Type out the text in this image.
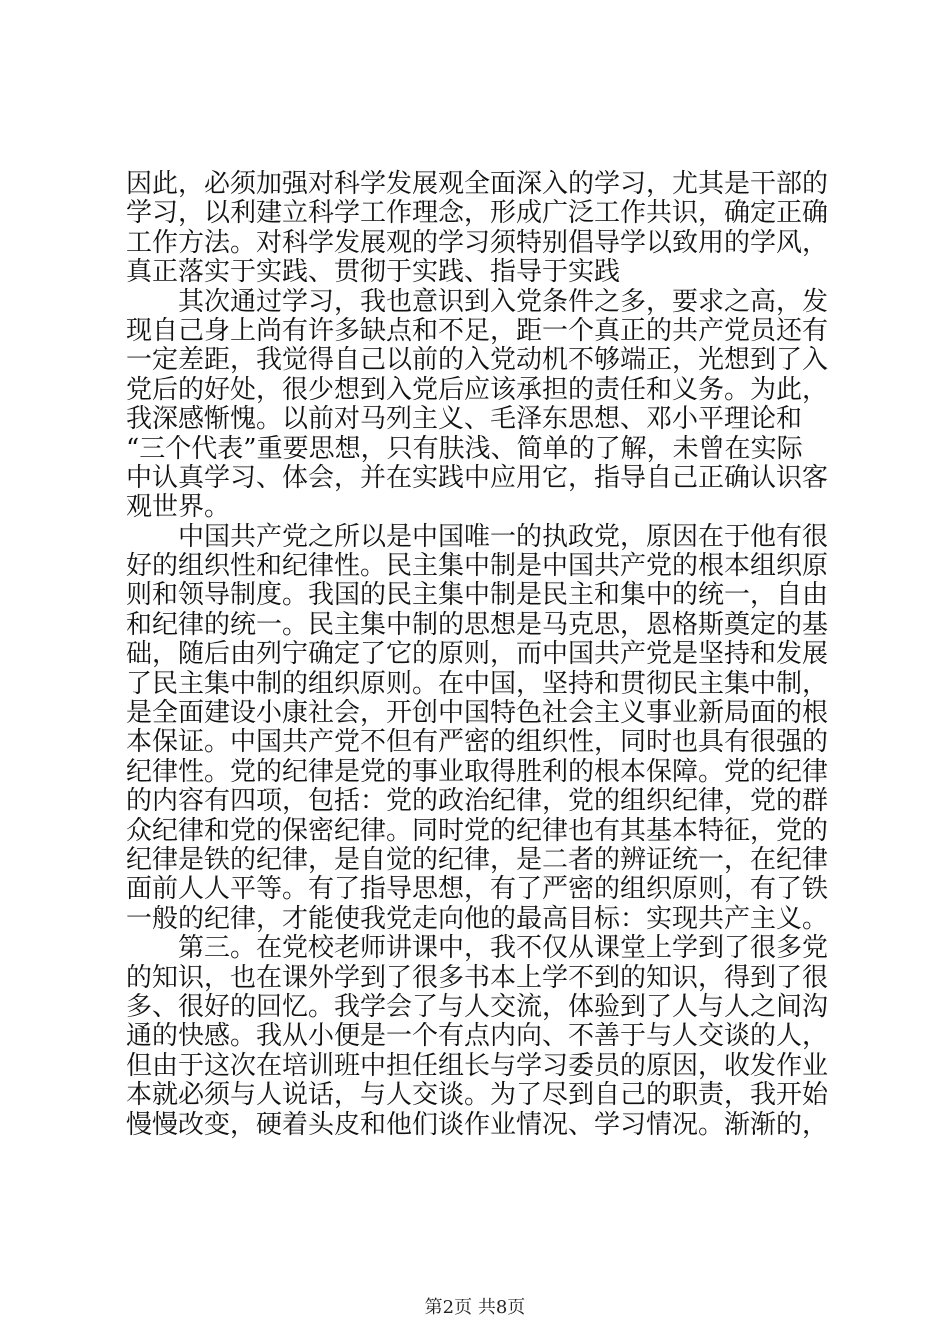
因此，必须加强对科学发展观全面深入的学习，尤其是干部的
学习，以利建立科学工作理念，形成广泛工作共识，确定正确
工作方法。对科学发展观的学习须特别倡导学以致用的学风，
真正落实于实践、贯彻于实践、指导于实践
　　其次通过学习，我也意识到入党条件之多，要求之高，发
现自己身上尚有许多缺点和不足，距一个真正的共产党员还有
一定差距，我觉得自己以前的入党动机不够端正，光想到了入
党后的好处，很少想到入党后应该承担的责任和义务。为此，
我深感惭愧。以前对马列主义、毛泽东思想、邓小平理论和
“三个代表”重要思想，只有肤浅、简单的了解，未曾在实际
中认真学习、体会，并在实践中应用它，指导自己正确认识客
观世界。
　　中国共产党之所以是中国唯一的执政党，原因在于他有很
好的组织性和纪律性。民主集中制是中国共产党的根本组织原
则和领导制度。我国的民主集中制是民主和集中的统一，自由
和纪律的统一。民主集中制的思想是马克思，恩格斯奠定的基
础，随后由列宁确定了它的原则，而中国共产党是坚持和发展
了民主集中制的组织原则。在中国，坚持和贯彻民主集中制，
是全面建设小康社会，开创中国特色社会主义事业新局面的根
本保证。中国共产党不但有严密的组织性，同时也具有很强的
纪律性。党的纪律是党的事业取得胜利的根本保障。党的纪律
的内容有四项，包括：党的政治纪律，党的组织纪律，党的群
众纪律和党的保密纪律。同时党的纪律也有其基本特征，党的
纪律是铁的纪律，是自觉的纪律，是二者的辨证统一，在纪律
面前人人平等。有了指导思想，有了严密的组织原则，有了铁
一般的纪律，才能使我党走向他的最高目标：实现共产主义。
　　第三。在党校老师讲课中，我不仅从课堂上学到了很多党
的知识，也在课外学到了很多书本上学不到的知识，得到了很
多、很好的回忆。我学会了与人交流，体验到了人与人之间沟
通的快感。我从小便是一个有点内向、不善于与人交谈的人，
但由于这次在培训班中担任组长与学习委员的原因，收发作业
本就必须与人说话，与人交谈。为了尽到自己的职责，我开始
慢慢改变，硬着头皮和他们谈作业情况、学习情况。渐渐的，
第2页 共8页
